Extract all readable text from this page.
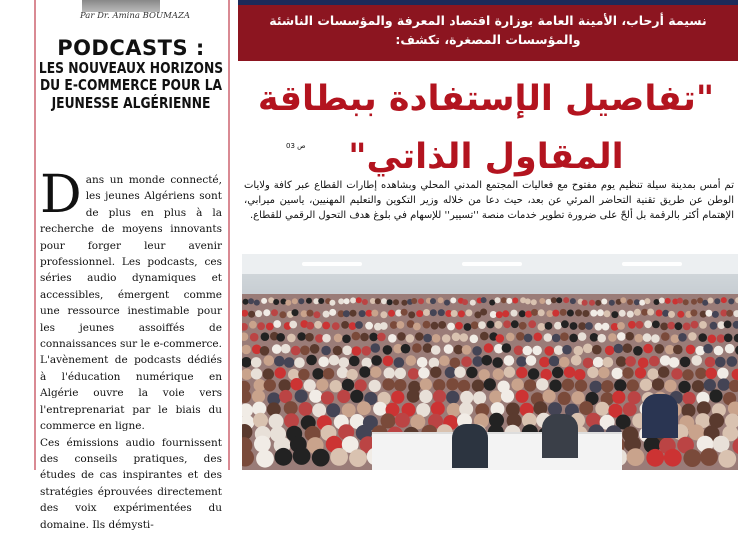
Par Dr. Amina BOUMAZA
PODCASTS :
LES NOUVEAUX HORIZONS
DU E-COMMERCE POUR LA
JEUNESSE ALGÉRIENNE
Dans un monde connecté, les jeunes Algériens sont de plus en plus à la recherche de moyens innovants pour forger leur avenir professionnel. Les podcasts, ces séries audio dynamiques et accessibles, émergent comme une ressource inestimable pour les jeunes assoiffés de connaissances sur le e-commerce. L'avènement de podcasts dédiés à l'éducation numérique en Algérie ouvre la voie vers l'entreprenariat par le biais du commerce en ligne.
Ces émissions audio fournissent des conseils pratiques, des études de cas inspirantes et des stratégies éprouvées directement des voix expérimentées du domaine. Ils démysti-
نسيمة أرحاب، الأمينة العامة بوزارة اقتصاد المعرفة والمؤسسات الناشئة والمؤسسات المصغرة، تكشف:
"تفاصيل الإستفادة ببطاقة المقاول الذاتي"
ص 03
تم أمس بمدينة سيلة تنظيم يوم مفتوح مع فعاليات المجتمع المدني المحلي وبشاهده إطارات القطاع عبر كافة ولايات الوطن عن طريق تقنية التحاضر المرئي عن بعد، حيث دعا من خلاله وزير التكوين والتعليم المهنيين، ياسين ميرابي، الإهتمام أكثر بالرقمة بل ألحّ على ضرورة تطوير خدمات منصة ''تسيير'' للإسهام في بلوغ هدف التحول الرقمي للقطاع.
